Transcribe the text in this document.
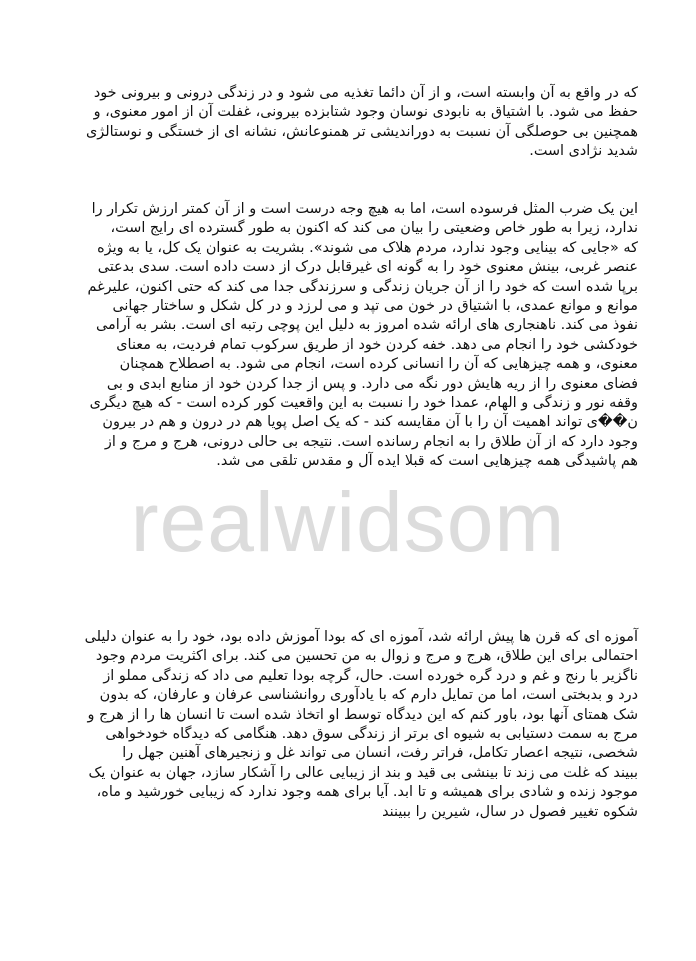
realwidsom
که در واقع به آن وابسته است، و از آن دائما تغذیه می شود و در زندگی درونی و بیرونی خود
حفظ می شود. با اشتیاق به نابودی نوسان وجود شتابزده بیرونی، غفلت آن از امور معنوی، و
همچنین بی حوصلگی آن نسبت به دوراندیشی تر همنوعانش، نشانه ای از خستگی و نوستالژی
شدید نژادی است.
این یک ضرب المثل فرسوده است، اما به هیچ وجه درست است و از آن کمتر ارزش تکرار را
ندارد، زیرا به طور خاص وضعیتی را بیان می کند که اکنون به طور گسترده ای رایج است،
که «جایی که بینایی وجود ندارد، مردم هلاک می شوند». بشریت به عنوان یک کل، یا به ویژه
عنصر غربی، بینش معنوی خود را به گونه ای غیرقابل درک از دست داده است. سدی بدعتی
برپا شده است که خود را از آن جریان زندگی و سرزندگی جدا می کند که حتی اکنون، علیرغم
موانع و موانع عمدی، با اشتیاق در خون می تپد و می لرزد و در کل شکل و ساختار جهانی
نفوذ می کند. ناهنجاری های ارائه شده امروز به دلیل این پوچی رتبه ای است. بشر به آرامی
خودکشی خود را انجام می دهد. خفه کردن خود از طریق سرکوب تمام فردیت، به معنای
معنوی، و همه چیزهایی که آن را انسانی کرده است، انجام می شود. به اصطلاح همچنان
فضای معنوی را از ریه هایش دور نگه می دارد. و پس از جدا کردن خود از منابع ابدی و بی
وقفه نور و زندگی و الهام، عمدا خود را نسبت به این واقعیت کور کرده است - که هیچ دیگری
ن��ی تواند اهمیت آن را با آن مقایسه کند - که یک اصل پویا هم در درون و هم در بیرون
وجود دارد که از آن طلاق را به انجام رسانده است. نتیجه بی حالی درونی، هرج و مرج و از
هم پاشیدگی همه چیزهایی است که قبلا ایده آل و مقدس تلقی می شد.
آموزه ای که قرن ها پیش ارائه شد، آموزه ای که بودا آموزش داده بود، خود را به عنوان دلیلی
احتمالی برای این طلاق، هرج و مرج و زوال به من تحسین می کند. برای اکثریت مردم وجود
ناگزیر با رنج و غم و درد گره خورده است. حال، گرچه بودا تعلیم می داد که زندگی مملو از
درد و بدبختی است، اما من تمایل دارم که با یادآوری روانشناسی عرفان و عارفان، که بدون
شک همتای آنها بود، باور کنم که این دیدگاه توسط او اتخاذ شده است تا انسان ها را از هرج و
مرج به سمت دستیابی به شیوه ای برتر از زندگی سوق دهد. هنگامی که دیدگاه خودخواهی
شخصی، نتیجه اعصار تکامل، فراتر رفت، انسان می تواند غل و زنجیرهای آهنین جهل را
ببیند که غلت می زند تا بینشی بی قید و بند از زیبایی عالی را آشکار سازد، جهان به عنوان یک
موجود زنده و شادی برای همیشه و تا ابد. آیا برای همه وجود ندارد که زیبایی خورشید و ماه،
شکوه تغییر فصول در سال، شیرین را ببینند
